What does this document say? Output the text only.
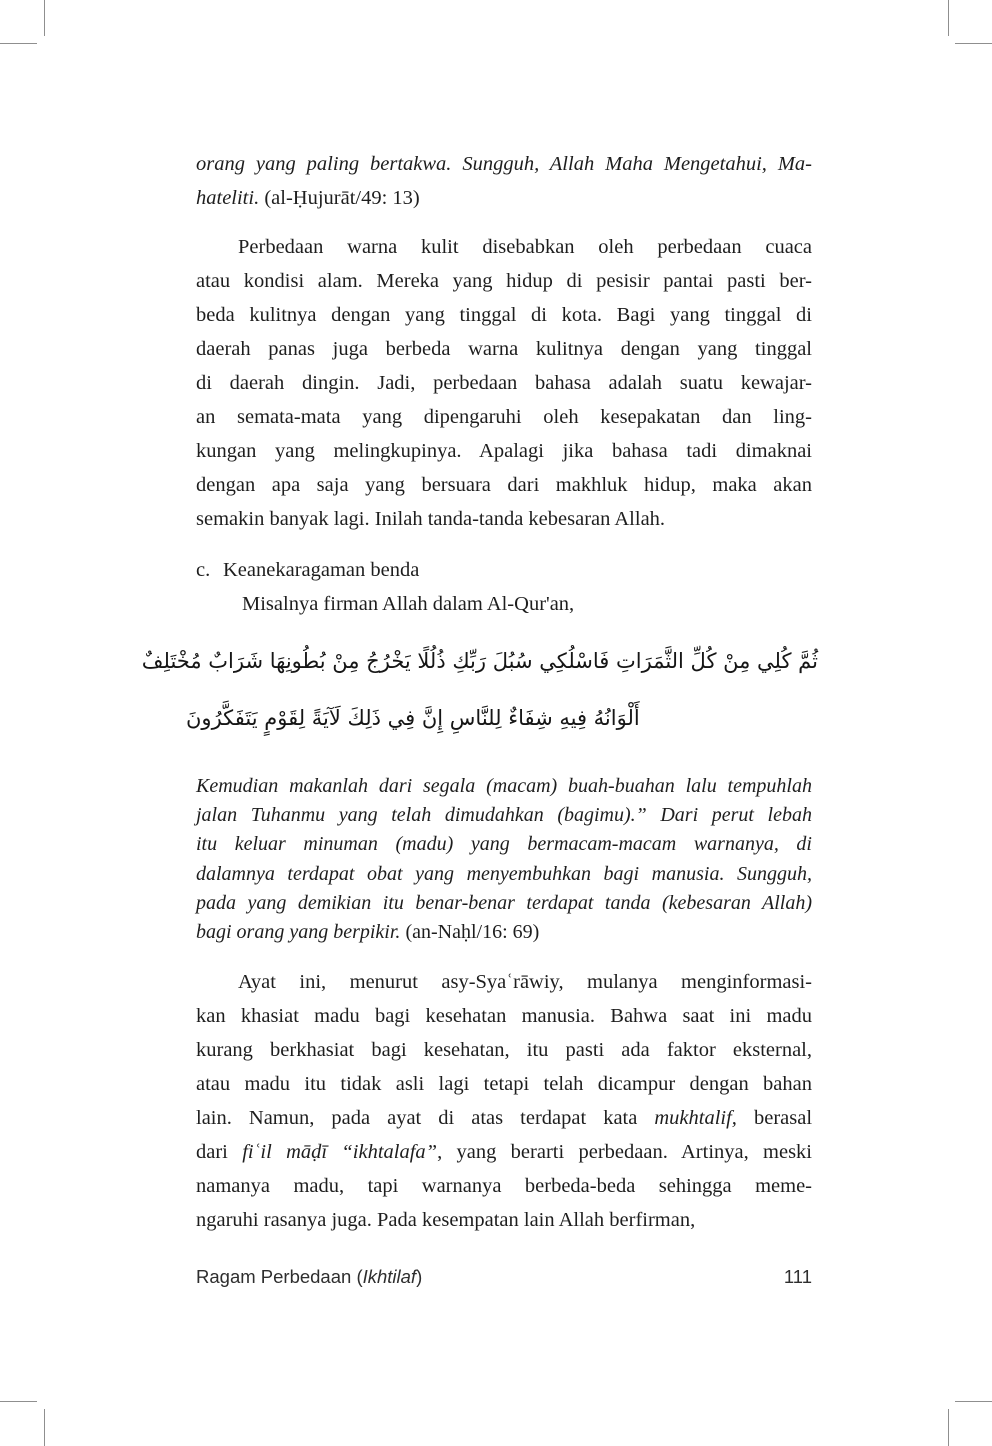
orang yang paling bertakwa. Sungguh, Allah Maha Mengetahui, Ma-
hateliti. (al-Ḥujurāt/49: 13)
Perbedaan warna kulit disebabkan oleh perbedaan cuaca
atau kondisi alam. Mereka yang hidup di pesisir pantai pasti ber-
beda kulitnya dengan yang tinggal di kota. Bagi yang tinggal di
daerah panas juga berbeda warna kulitnya dengan yang tinggal
di daerah dingin. Jadi, perbedaan bahasa adalah suatu kewajar-
an semata-mata yang dipengaruhi oleh kesepakatan dan ling-
kungan yang melingkupinya. Apalagi jika bahasa tadi dimaknai
dengan apa saja yang bersuara dari makhluk hidup, maka akan
semakin banyak lagi. Inilah tanda-tanda kebesaran Allah.
c. Keanekaragaman benda
Misalnya firman Allah dalam Al-Qur'an,
ثُمَّ كُلِي مِنْ كُلِّ الثَّمَرَاتِ فَاسْلُكِي سُبُلَ رَبِّكِ ذُلُلًا يَخْرُجُ مِنْ بُطُونِهَا شَرَابٌ مُخْتَلِفٌ
أَلْوَانُهُ فِيهِ شِفَاءٌ لِلنَّاسِ إِنَّ فِي ذَلِكَ لَآيَةً لِقَوْمٍ يَتَفَكَّرُونَ
Kemudian makanlah dari segala (macam) buah-buahan lalu tempuhlah
jalan Tuhanmu yang telah dimudahkan (bagimu).” Dari perut lebah
itu keluar minuman (madu) yang bermacam-macam warnanya, di
dalamnya terdapat obat yang menyembuhkan bagi manusia. Sungguh,
pada yang demikian itu benar-benar terdapat tanda (kebesaran Allah)
bagi orang yang berpikir. (an-Naḥl/16: 69)
Ayat ini, menurut asy-Syaʿrāwiy, mulanya menginformasi-
kan khasiat madu bagi kesehatan manusia. Bahwa saat ini madu
kurang berkhasiat bagi kesehatan, itu pasti ada faktor eksternal,
atau madu itu tidak asli lagi tetapi telah dicampur dengan bahan
lain. Namun, pada ayat di atas terdapat kata mukhtalif, berasal
dari fiʿil māḍī “ikhtalafa”, yang berarti perbedaan. Artinya, meski
namanya madu, tapi warnanya berbeda-beda sehingga meme-
ngaruhi rasanya juga. Pada kesempatan lain Allah berfirman,
Ragam Perbedaan (Ikhtilaf)	111
